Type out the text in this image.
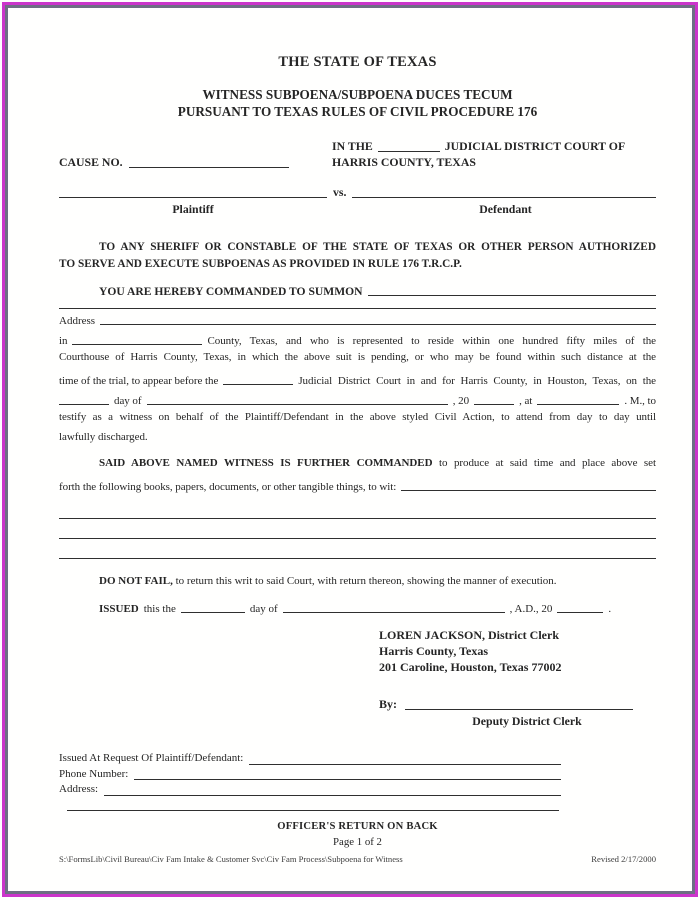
THE STATE OF TEXAS
WITNESS SUBPOENA/SUBPOENA DUCES TECUM
PURSUANT TO TEXAS RULES OF CIVIL PROCEDURE 176
CAUSE NO.
IN THE	JUDICIAL DISTRICT COURT OF
HARRIS COUNTY, TEXAS
vs.
Plaintiff	Defendant
TO ANY SHERIFF OR CONSTABLE OF THE STATE OF TEXAS OR OTHER PERSON AUTHORIZED
TO SERVE AND EXECUTE SUBPOENAS AS PROVIDED IN RULE 176 T.R.C.P.
YOU ARE HEREBY COMMANDED TO SUMMON
Address
in	County, Texas, and who is represented to reside within one hundred fifty miles of the
Courthouse of Harris County, Texas, in which the above suit is pending, or who may be found within such distance at the
time of the trial, to appear before the	Judicial District Court in and for Harris County, in Houston, Texas, on the
day of	, 20	, at	. M., to
testify as a witness on behalf of the Plaintiff/Defendant in the above styled Civil Action, to attend from day to day until
lawfully discharged.
SAID ABOVE NAMED WITNESS IS FURTHER COMMANDED to produce at said time and place above set
forth the following books, papers, documents, or other tangible things, to wit:
DO NOT FAIL, to return this writ to said Court, with return thereon, showing the manner of execution.
ISSUED this the	day of	, A.D., 20	.
LOREN JACKSON, District Clerk
Harris County, Texas
201 Caroline, Houston, Texas 77002
By:
Deputy District Clerk
Issued At Request Of Plaintiff/Defendant:
Phone Number:
Address:
OFFICER'S RETURN ON BACK
Page 1 of 2
S:\FormsLib\Civil Bureau\Civ Fam Intake & Customer Svc\Civ Fam Process\Subpoena for Witness	Revised 2/17/2000
